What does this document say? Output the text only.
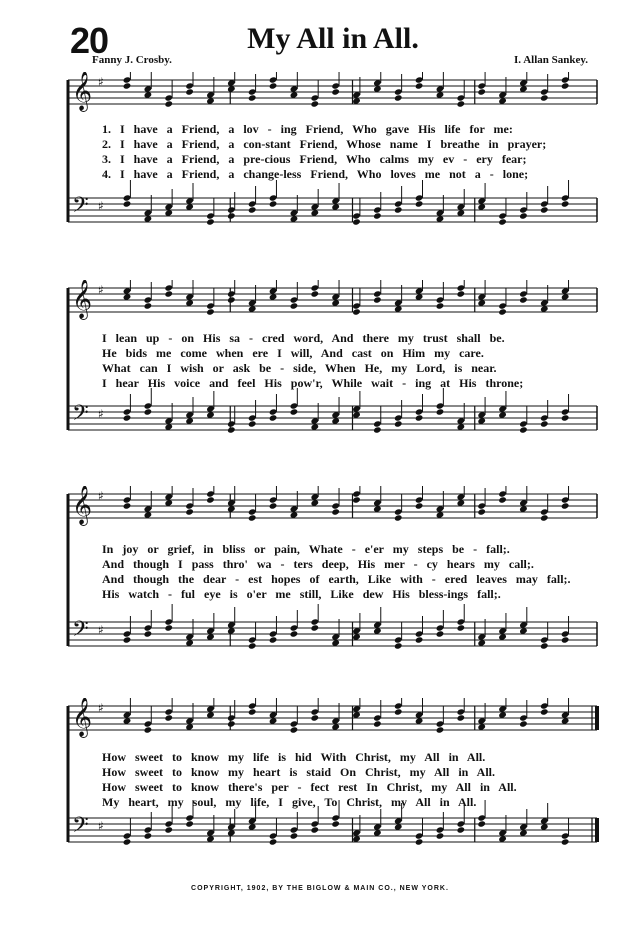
20	My All in All.
Fanny J. Crosby.	I. Allan Sankey.
𝄞
𝄢
♯
♯
1. I have a Friend, a lov - ing Friend, Who gave His life for me:
2. I have a Friend, a con-stant Friend, Whose name I breathe in prayer;
3. I have a Friend, a pre-cious Friend, Who calms my ev - ery fear;
4. I have a Friend, a change-less Friend, Who loves me not a - lone;
𝄞
𝄢
♯
♯
I lean up - on His sa - cred word, And there my trust shall be.
He bids me come when ere I will, And cast on Him my care.
What can I wish or ask be - side, When He, my Lord, is near.
I hear His voice and feel His pow'r, While wait - ing at His throne;
𝄞
𝄢
♯
♯
In joy or grief, in bliss or pain, Whate - e'er my steps be - fall;.
And though I pass thro' wa - ters deep, His mer - cy hears my call;.
And though the dear - est hopes of earth, Like with - ered leaves may fall;.
His watch - ful eye is o'er me still, Like dew His bless-ings fall;.
𝄞
𝄢
♯
♯
How sweet to know my life is hid With Christ, my All in All.
How sweet to know my heart is staid On Christ, my All in All.
How sweet to know there's per - fect rest In Christ, my All in All.
My heart, my soul, my life, I give, To Christ, my All in All.
COPYRIGHT, 1902, BY THE BIGLOW & MAIN CO., NEW YORK.
